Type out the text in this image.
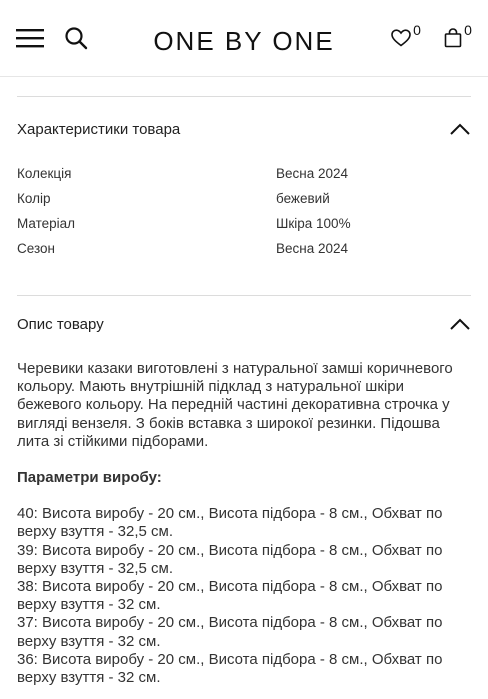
ONE BY ONE	0	0
Характеристики товара
Колекція	Весна 2024
Колір	бежевий
Матеріал	Шкіра 100%
Сезон	Весна 2024
Опис товару

Черевики казаки виготовлені з натуральної замші коричневого кольору. Мають внутрішній підклад з натуральної шкіри бежевого кольору. На передній частині декоративна строчка у вигляді вензеля. З боків вставка з широкої резинки. Підошва лита зі стійкими підборами.

Параметри виробу:

40: Висота виробу - 20 см., Висота підбора - 8 см., Обхват по верху взуття - 32,5 см.

39: Висота виробу - 20 см., Висота підбора - 8 см., Обхват по верху взуття - 32,5 см.

38: Висота виробу - 20 см., Висота підбора - 8 см., Обхват по верху взуття - 32 см.

37: Висота виробу - 20 см., Висота підбора - 8 см., Обхват по верху взуття - 32 см.

36: Висота виробу - 20 см., Висота підбора - 8 см., Обхват по верху взуття - 32 см.
